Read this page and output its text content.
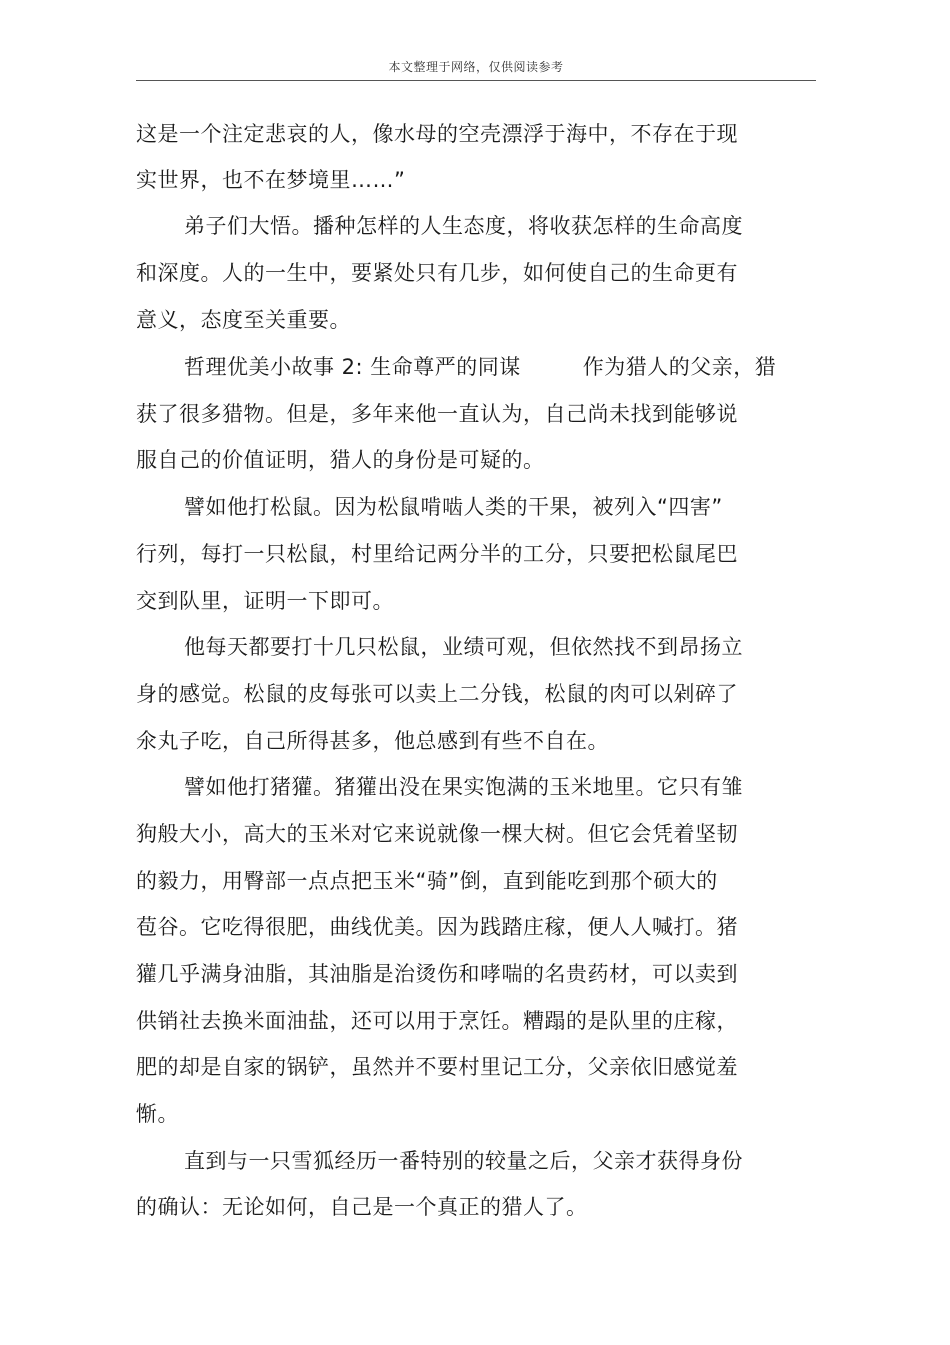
本文整理于网络，仅供阅读参考
这是一个注定悲哀的人，像水母的空壳漂浮于海中，不存在于现
实世界，也不在梦境里……”
弟子们大悟。播种怎样的人生态度，将收获怎样的生命高度
和深度。人的一生中，要紧处只有几步，如何使自己的生命更有
意义，态度至关重要。
哲理优美小故事 2: 生命尊严的同谋	作为猎人的父亲，猎
获了很多猎物。但是，多年来他一直认为，自己尚未找到能够说
服自己的价值证明，猎人的身份是可疑的。
譬如他打松鼠。因为松鼠啃啮人类的干果，被列入“四害”
行列，每打一只松鼠，村里给记两分半的工分，只要把松鼠尾巴
交到队里，证明一下即可。
他每天都要打十几只松鼠，业绩可观，但依然找不到昂扬立
身的感觉。松鼠的皮每张可以卖上二分钱，松鼠的肉可以剁碎了
氽丸子吃，自己所得甚多，他总感到有些不自在。
譬如他打猪獾。猪獾出没在果实饱满的玉米地里。它只有雏
狗般大小，高大的玉米对它来说就像一棵大树。但它会凭着坚韧
的毅力，用臀部一点点把玉米“骑”倒，直到能吃到那个硕大的
苞谷。它吃得很肥，曲线优美。因为践踏庄稼，便人人喊打。猪
獾几乎满身油脂，其油脂是治烫伤和哮喘的名贵药材，可以卖到
供销社去换米面油盐，还可以用于烹饪。糟蹋的是队里的庄稼，
肥的却是自家的锅铲，虽然并不要村里记工分，父亲依旧感觉羞
惭。
直到与一只雪狐经历一番特别的较量之后，父亲才获得身份
的确认：无论如何，自己是一个真正的猎人了。
